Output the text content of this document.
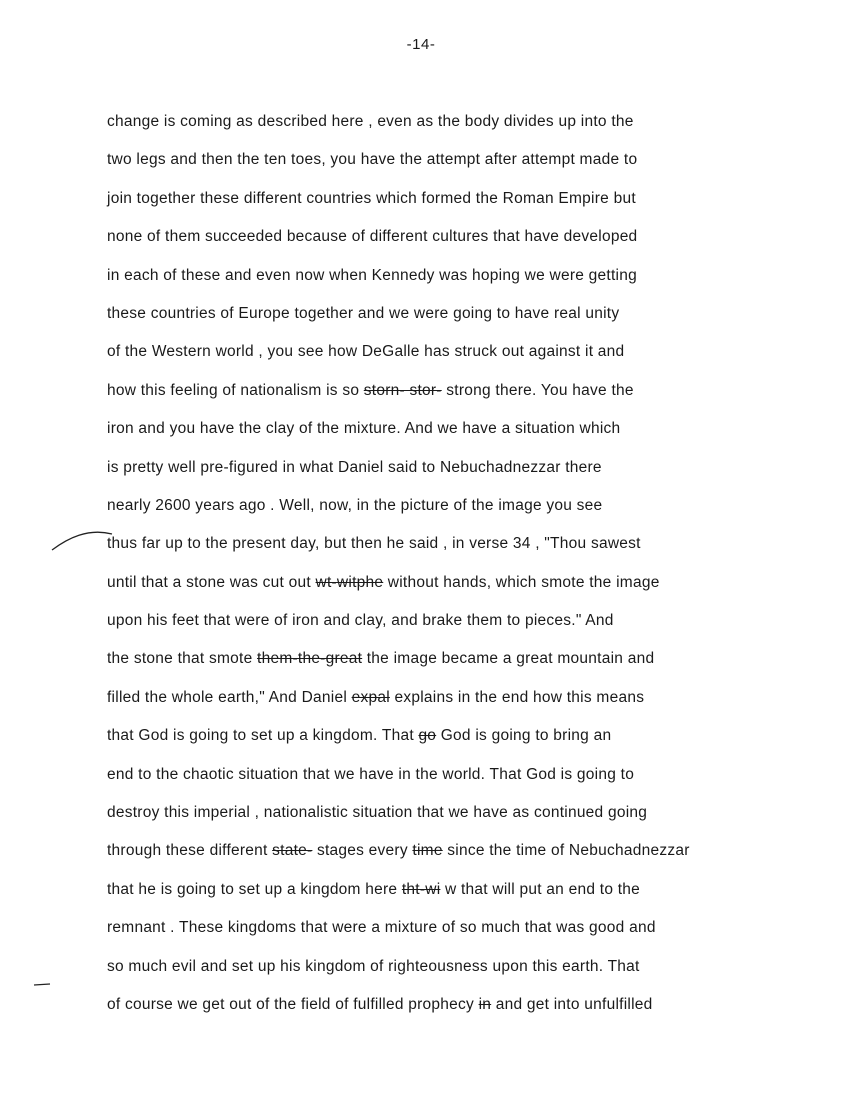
-14-
change is coming as described here , even as the body divides up into the
two legs and then the ten toes, you have the attempt after attempt made to
join together these different countries which formed the Roman Empire but
none of them succeeded because of different cultures that have developed
in each of these and even now when Kennedy was hoping we were getting
these countries of Europe together and we were going to have real unity
of the Western world , you see how DeGalle has struck out against it and
how this feeling of nationalism is so storn- stor- strong there. You have the
iron and you have the clay of the mixture. And we have a situation which
is pretty well pre-figured in what Daniel said to Nebuchadnezzar there
nearly 2600 years ago . Well, now, in the picture of the image you see
thus far up to the present day, but then he said , in verse 34 , "Thou sawest
until that a stone was cut out wt-witphe without hands, which smote the image
upon his feet that were of iron and clay, and brake them to pieces." And
the stone that smote them-the-great the image became a great mountain and
filled the whole earth," And Daniel expal explains in the end how this means
that God is going to set up a kingdom. That go God is going to bring an
end to the chaotic situation that we have in the world. That God is going to
destroy this imperial , nationalistic situation that we have as continued going
through these different state- stages every time since the time of Nebuchadnezzar
that he is going to set up a kingdom here tht-wi w that will put an end to the
remnant . These kingdoms that were a mixture of so much that was good and
so much evil and set up his kingdom of righteousness upon this earth. That
of course we get out of the field of fulfilled prophecy in and get into unfulfilled
